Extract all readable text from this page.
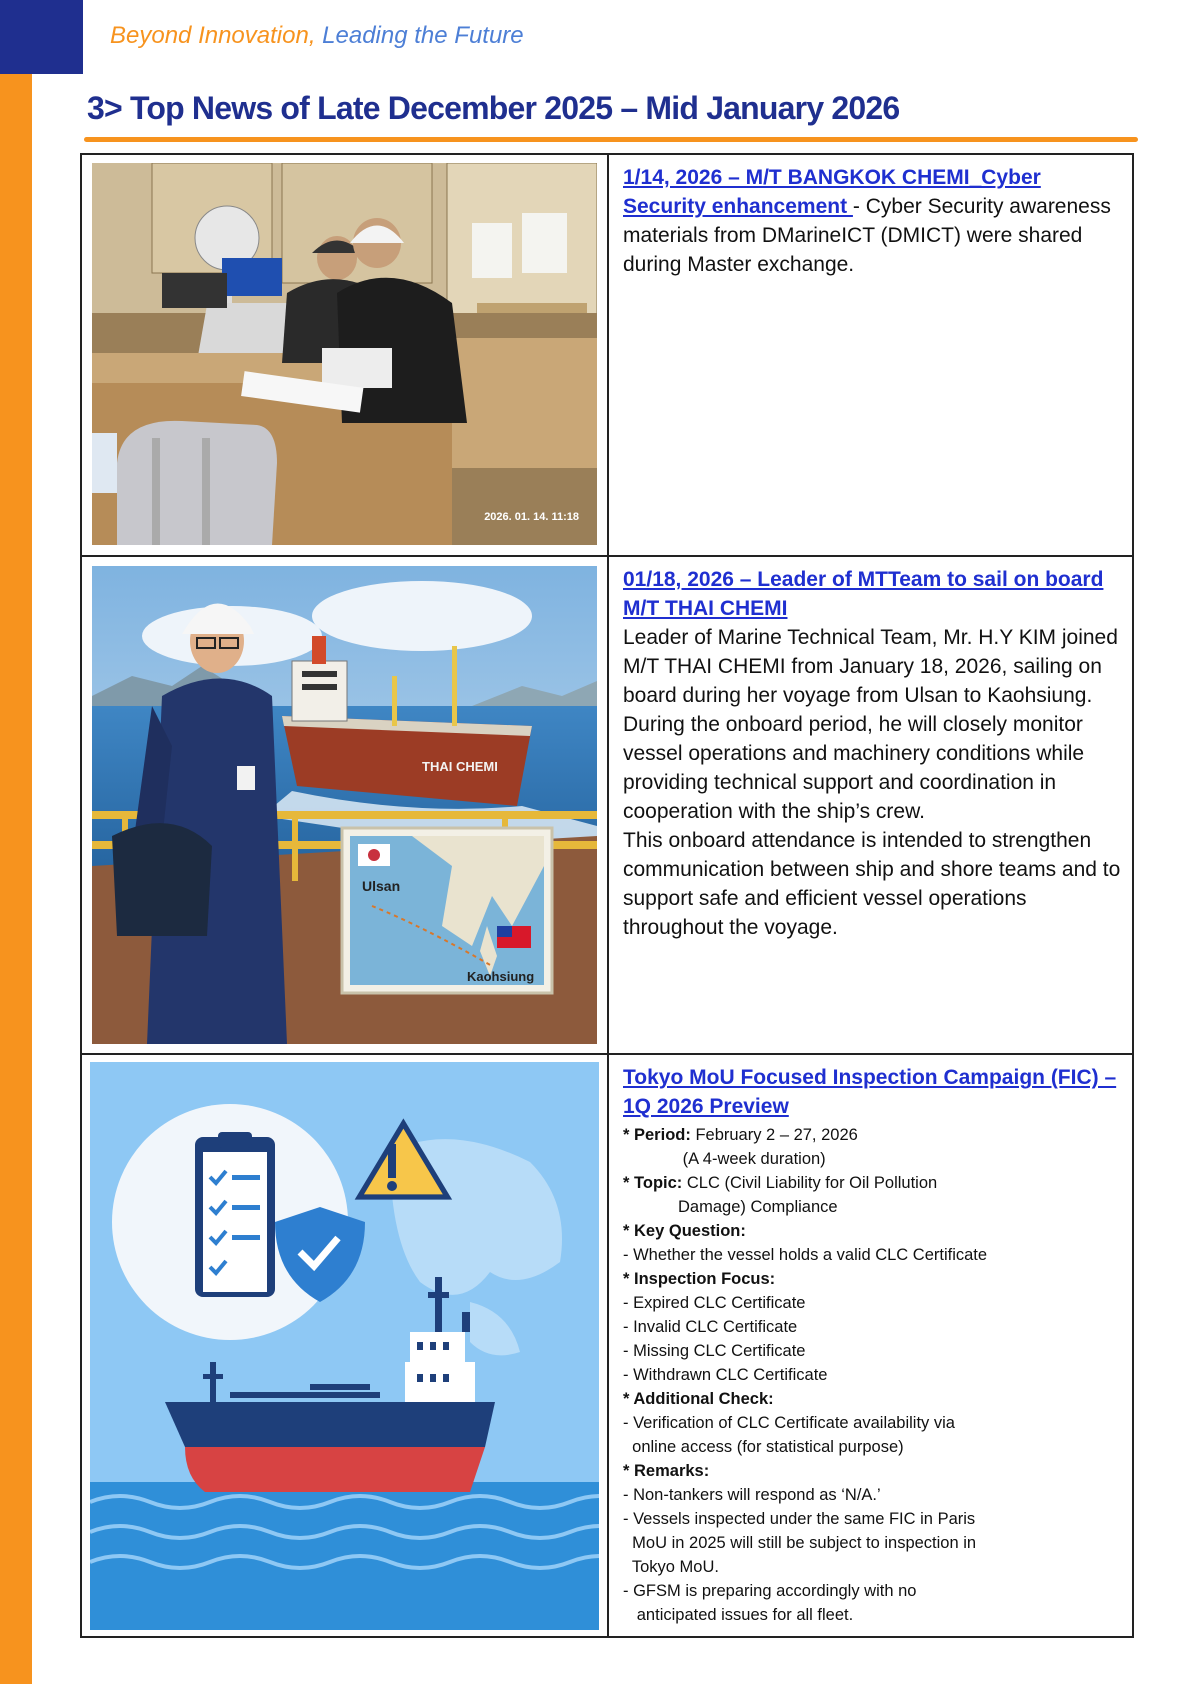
Beyond Innovation, Leading the Future
3> Top News of Late December 2025 – Mid January 2026
2026. 01. 14. 11:18
1/14, 2026 – M/T BANGKOK CHEMI_Cyber Security enhancement - Cyber Security awareness materials from DMarineICT (DMICT) were shared during Master exchange.
THAI CHEMI
Ulsan
Kaohsiung
01/18, 2026 – Leader of MTTeam to sail on board M/T THAI CHEMI
Leader of Marine Technical Team, Mr. H.Y KIM joined M/T THAI CHEMI from January 18, 2026, sailing on board during her voyage from Ulsan to Kaohsiung.
During the onboard period, he will closely monitor vessel operations and machinery conditions while providing technical support and coordination in cooperation with the ship’s crew.
This onboard attendance is intended to strengthen communication between ship and shore teams and to support safe and efficient vessel operations throughout the voyage.
Tokyo MoU Focused Inspection Campaign (FIC) – 1Q 2026 Preview
* Period: February 2 – 27, 2026
(A 4-week duration)
* Topic: CLC (Civil Liability for Oil Pollution
Damage) Compliance
* Key Question:
- Whether the vessel holds a valid CLC Certificate
* Inspection Focus:
- Expired CLC Certificate
- Invalid CLC Certificate
- Missing CLC Certificate
- Withdrawn CLC Certificate
* Additional Check:
- Verification of CLC Certificate availability via
online access (for statistical purpose)
* Remarks:
- Non-tankers will respond as ‘N/A.’
- Vessels inspected under the same FIC in Paris
MoU in 2025 will still be subject to inspection in
Tokyo MoU.
- GFSM is preparing accordingly with no
anticipated issues for all fleet.
